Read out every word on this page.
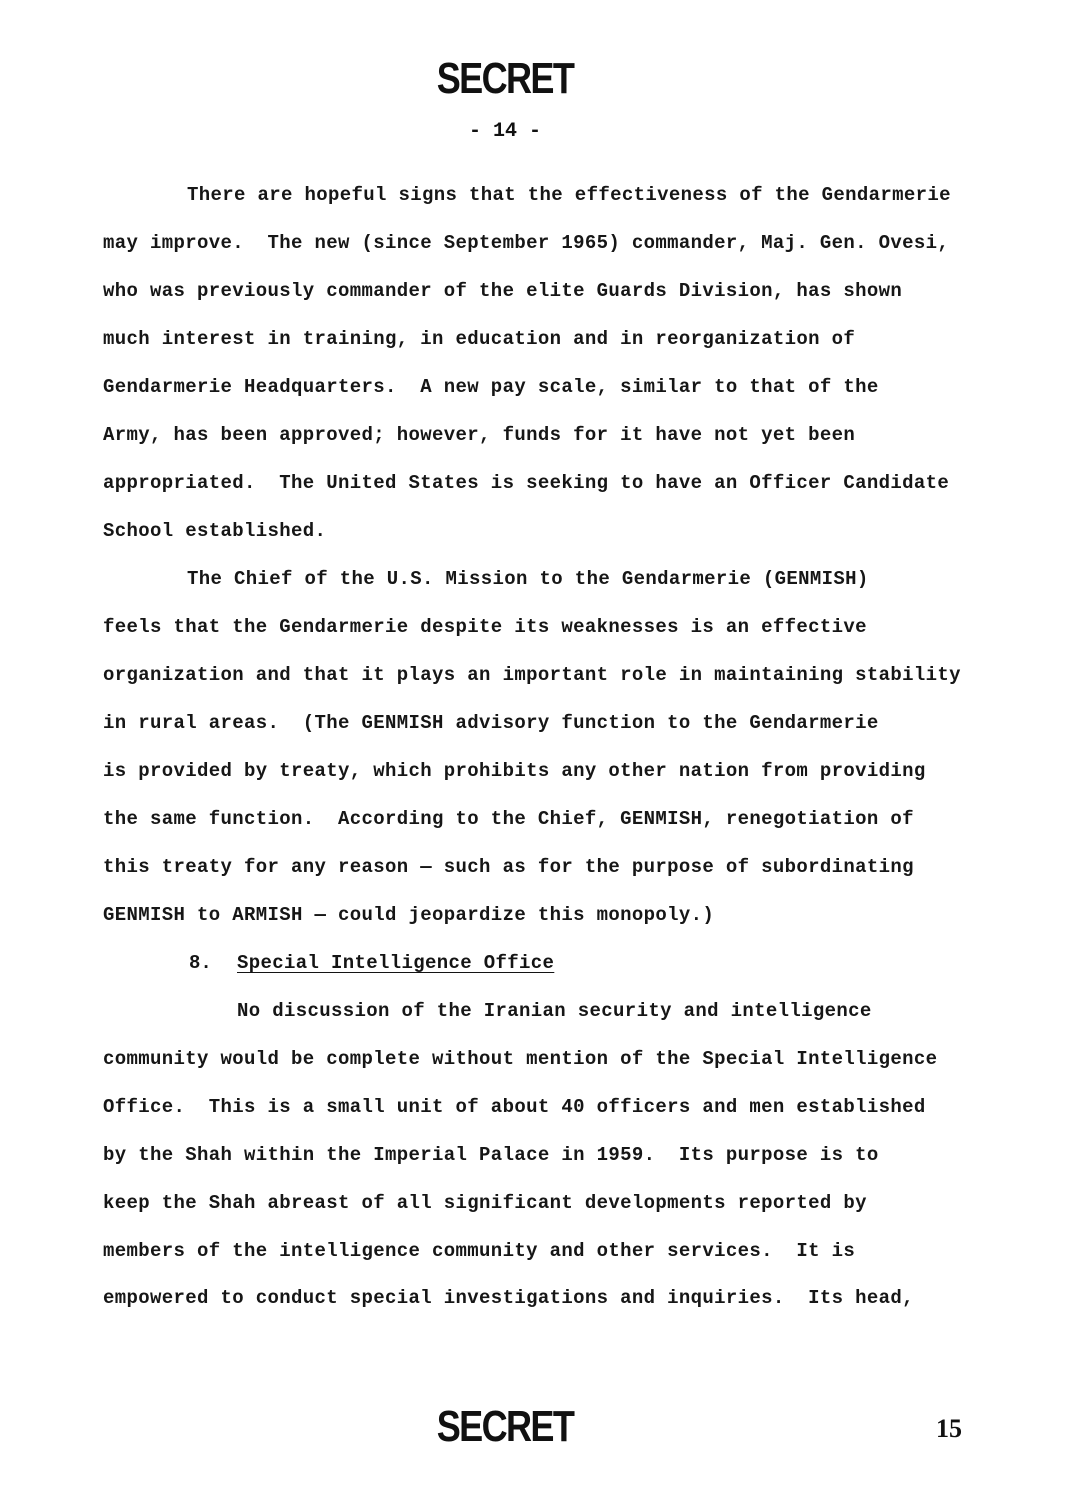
SECRET
- 14 -
There are hopeful signs that the effectiveness of the Gendarmerie
may improve.  The new (since September 1965) commander, Maj. Gen. Ovesi,
who was previously commander of the elite Guards Division, has shown
much interest in training, in education and in reorganization of
Gendarmerie Headquarters.  A new pay scale, similar to that of the
Army, has been approved; however, funds for it have not yet been
appropriated.  The United States is seeking to have an Officer Candidate
School established.
The Chief of the U.S. Mission to the Gendarmerie (GENMISH)
feels that the Gendarmerie despite its weaknesses is an effective
organization and that it plays an important role in maintaining stability
in rural areas.  (The GENMISH advisory function to the Gendarmerie
is provided by treaty, which prohibits any other nation from providing
the same function.  According to the Chief, GENMISH, renegotiation of
this treaty for any reason — such as for the purpose of subordinating
GENMISH to ARMISH — could jeopardize this monopoly.)
8. Special Intelligence Office
No discussion of the Iranian security and intelligence
community would be complete without mention of the Special Intelligence
Office.  This is a small unit of about 40 officers and men established
by the Shah within the Imperial Palace in 1959.  Its purpose is to
keep the Shah abreast of all significant developments reported by
members of the intelligence community and other services.  It is
empowered to conduct special investigations and inquiries.  Its head,
SECRET	15
